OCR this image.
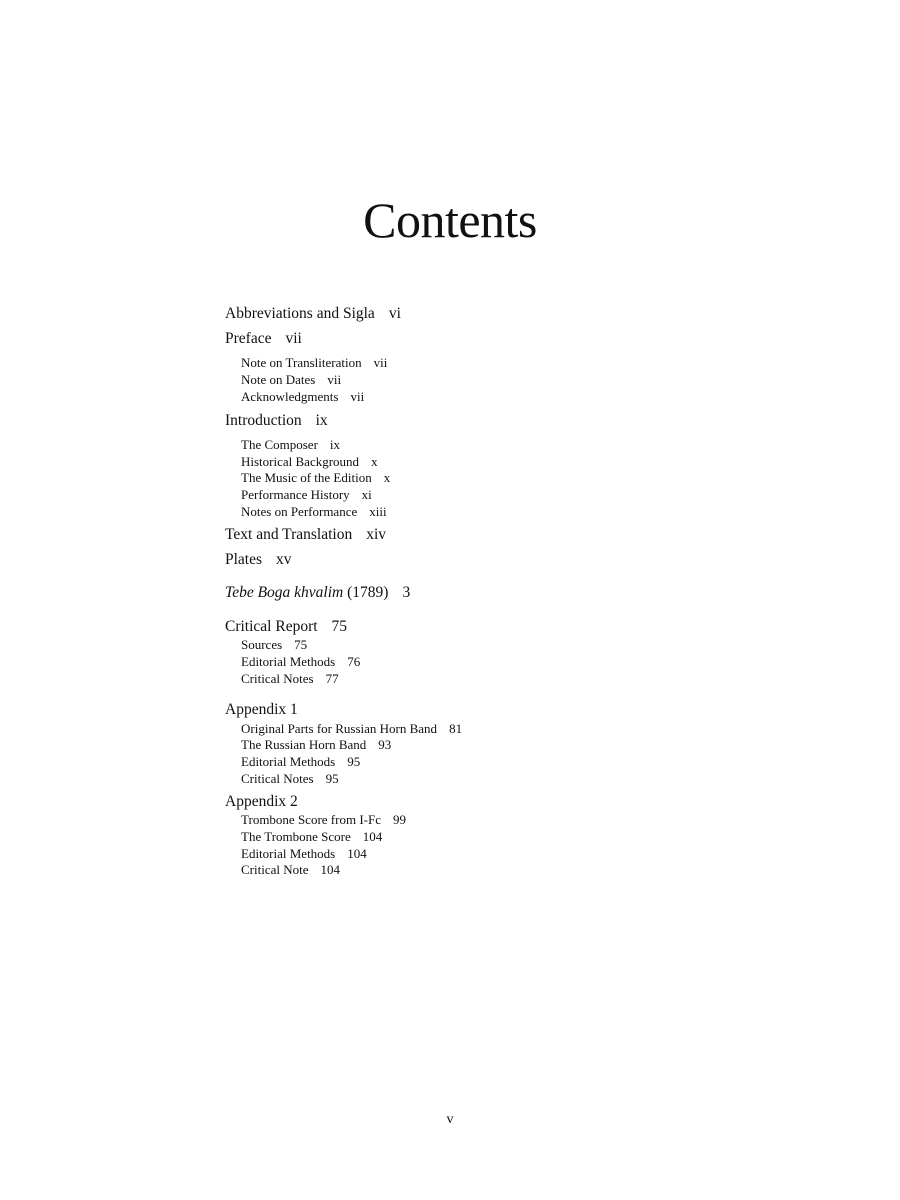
Contents
Abbreviations and Sigla vi
Preface vii
Note on Transliteration vii
Note on Dates vii
Acknowledgments vii
Introduction ix
The Composer ix
Historical Background x
The Music of the Edition x
Performance History xi
Notes on Performance xiii
Text and Translation xiv
Plates xv
Tebe Boga khvalim (1789) 3
Critical Report 75
Sources 75
Editorial Methods 76
Critical Notes 77
Appendix 1
Original Parts for Russian Horn Band 81
The Russian Horn Band 93
Editorial Methods 95
Critical Notes 95
Appendix 2
Trombone Score from I-Fc 99
The Trombone Score 104
Editorial Methods 104
Critical Note 104
v
